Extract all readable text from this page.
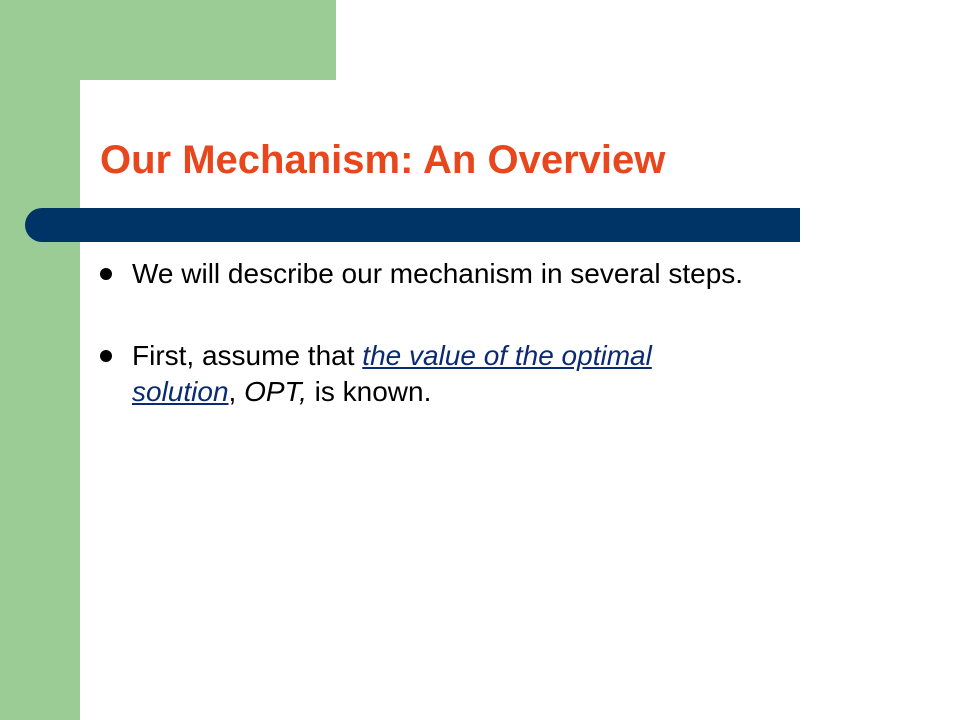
Our Mechanism: An Overview
We will describe our mechanism in several steps.
First, assume that the value of the optimal
solution, OPT, is known.
